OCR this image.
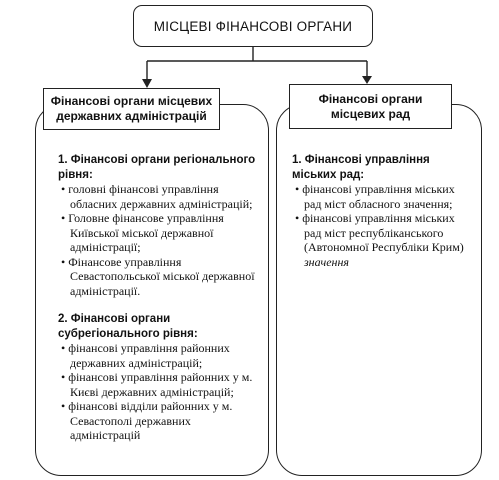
МІСЦЕВІ ФІНАНСОВІ ОРГАНИ
Фінансові органи місцевих державних адміністрацій
Фінансові органи місцевих рад
1. Фінансові органи регіонального рівня:
• головні фінансові управління обласних державних адміністрацій;
• Головне фінансове управління Київської міської державної адміністрації;
• Фінансове управління Севастопольської міської державної адміністрації.
2. Фінансові органи субрегіонального рівня:
• фінансові управління районних державних адміністрацій;
• фінансові управління районних у м. Києві державних адміністрацій;
• фінансові відділи районних у м. Севастополі державних адміністрацій
1. Фінансові управління міських рад:
• фінансові управління міських рад міст обласного значення;
• фінансові управління міських рад міст республіканського (Автономної Республіки Крим) значення
